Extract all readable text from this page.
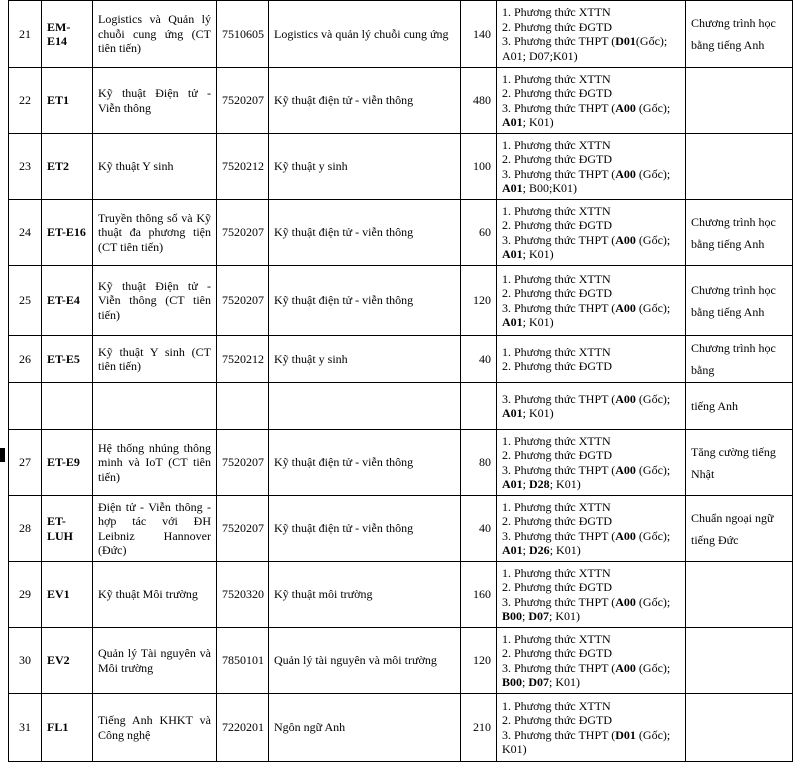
21	EM-E14	Logistics và Quản lý chuỗi cung ứng (CT tiên tiến)	7510605	Logistics và quản lý chuỗi cung ứng	140	1. Phương thức XTTN
2. Phương thức ĐGTD
3. Phương thức THPT (D01(Gốc);
A01; D07;K01)	Chương trình học bằng tiếng Anh
22	ET1	Kỹ thuật Điện tử - Viễn thông	7520207	Kỹ thuật điện tử - viễn thông	480	1. Phương thức XTTN
2. Phương thức ĐGTD
3. Phương thức THPT (A00 (Gốc);
A01; K01)	

23	ET2	Kỹ thuật Y sinh	7520212	Kỹ thuật y sinh	100	1. Phương thức XTTN
2. Phương thức ĐGTD
3. Phương thức THPT (A00 (Gốc);
A01; B00;K01)	

24	ET-E16	Truyền thông số và Kỹ thuật đa phương tiện (CT tiên tiến)	7520207	Kỹ thuật điện tử - viễn thông	60	1. Phương thức XTTN
2. Phương thức ĐGTD
3. Phương thức THPT (A00 (Gốc);
A01; K01)	Chương trình học bằng tiếng Anh
25	ET-E4	Kỹ thuật Điện tử - Viễn thông (CT tiên tiến)	7520207	Kỹ thuật điện tử - viễn thông	120	1. Phương thức XTTN
2. Phương thức ĐGTD
3. Phương thức THPT (A00 (Gốc);
A01; K01)	Chương trình học bằng tiếng Anh
26	ET-E5	Kỹ thuật Y sinh (CT tiên tiến)	7520212	Kỹ thuật y sinh	40	1. Phương thức XTTN
2. Phương thức ĐGTD	Chương trình học bằng

						3. Phương thức THPT (A00 (Gốc);
A01; K01)	tiếng Anh
27	ET-E9	Hệ thống nhúng thông minh và IoT (CT tiên tiến)	7520207	Kỹ thuật điện tử - viễn thông	80	1. Phương thức XTTN
2. Phương thức ĐGTD
3. Phương thức THPT (A00 (Gốc);
A01; D28; K01)	Tăng cường tiếng Nhật
28	ET-LUH	Điện tử - Viễn thông - hợp tác với ĐH Leibniz Hannover (Đức)	7520207	Kỹ thuật điện tử - viễn thông	40	1. Phương thức XTTN
2. Phương thức ĐGTD
3. Phương thức THPT (A00 (Gốc);
A01; D26; K01)	Chuẩn ngoại ngữ tiếng Đức
29	EV1	Kỹ thuật Môi trường	7520320	Kỹ thuật môi trường	160	1. Phương thức XTTN
2. Phương thức ĐGTD
3. Phương thức THPT (A00 (Gốc);
B00; D07; K01)	

30	EV2	Quản lý Tài nguyên và Môi trường	7850101	Quản lý tài nguyên và môi trường	120	1. Phương thức XTTN
2. Phương thức ĐGTD
3. Phương thức THPT (A00 (Gốc);
B00; D07; K01)	

31	FL1	Tiếng Anh KHKT và Công nghệ	7220201	Ngôn ngữ Anh	210	1. Phương thức XTTN
2. Phương thức ĐGTD
3. Phương thức THPT (D01 (Gốc);
K01)	
